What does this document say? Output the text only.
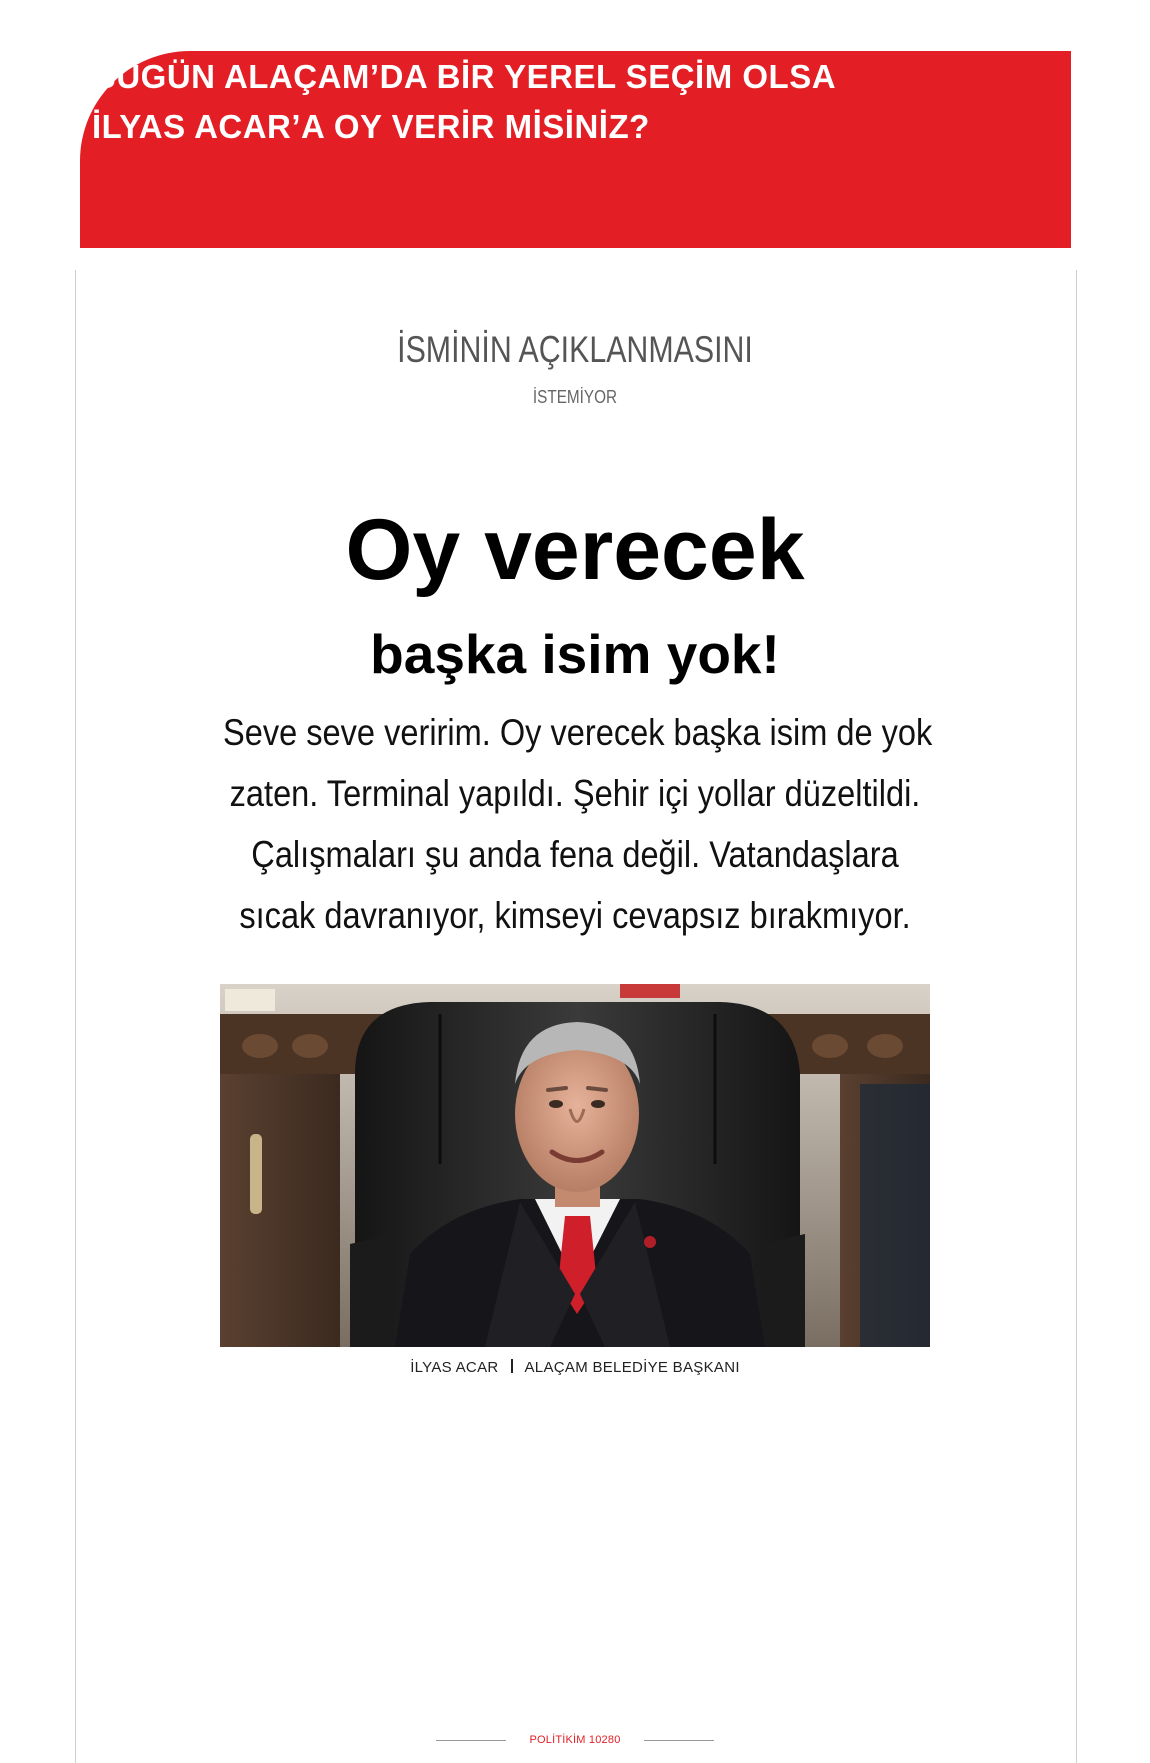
BUGÜN ALAÇAM’DA BİR YEREL SEÇİM OLSA
İLYAS ACAR’A OY VERİR MİSİNİZ?
İSMİNİN AÇIKLANMASINI
İSTEMİYOR
Oy verecek
başka isim yok!
Seve seve veririm. Oy verecek başka isim de yok
zaten. Terminal yapıldı. Şehir içi yollar düzeltildi.
Çalışmaları şu anda fena değil. Vatandaşlara
sıcak davranıyor, kimseyi cevapsız bırakmıyor.
İLYAS ACAR ALAÇAM BELEDİYE BAŞKANI
POLİTİKİM 10280
